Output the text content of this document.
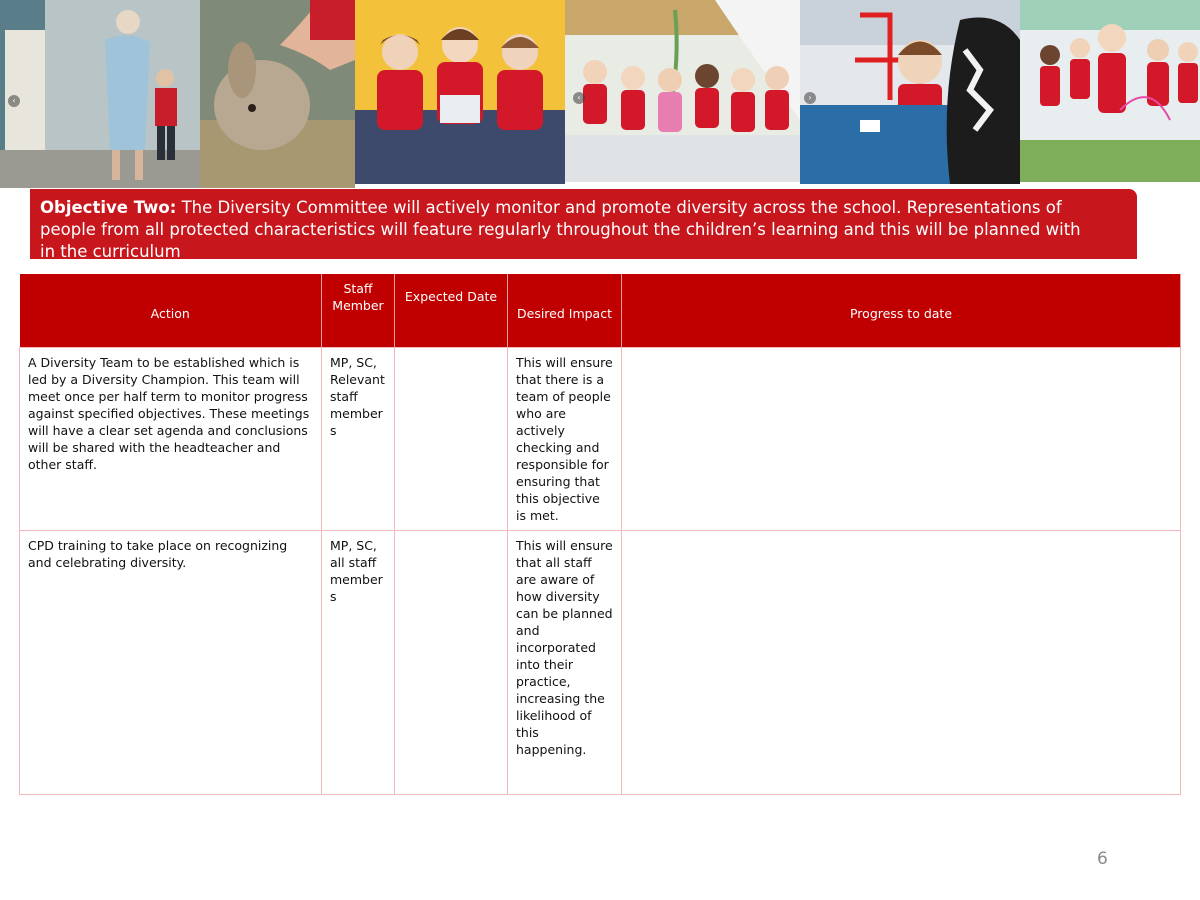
‹	‹	›
Objective Two: The Diversity Committee will actively monitor and promote diversity across the school. Representations of people from all protected characteristics will feature regularly throughout the children’s learning and this will be planned with in the curriculum
Action	Staff Member	Expected Date	Desired Impact	Progress to date
A Diversity Team to be established which is led by a Diversity Champion. This team will meet once per half term to monitor progress against specified objectives. These meetings will have a clear set agenda and conclusions will be shared with the headteacher and other staff.	MP, SC, Relevant staff member s		This will ensure that there is a team of people who are actively checking and responsible for ensuring that this objective is met.	
CPD training to take place on recognizing and celebrating diversity.	MP, SC, all staff member s		This will ensure that all staff are aware of how diversity can be planned and incorporated into their practice, increasing the likelihood of this happening.	
6
